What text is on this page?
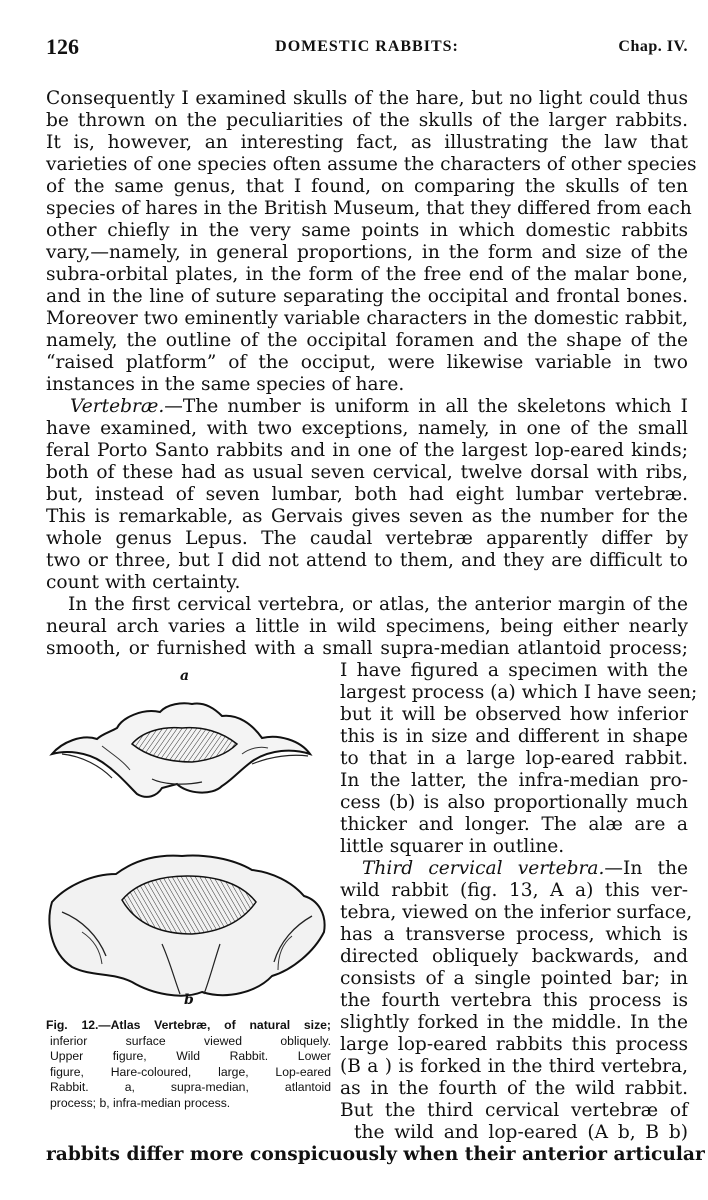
126	DOMESTIC RABBITS:	Chap. IV.
Consequently I examined skulls of the hare, but no light could thus
be thrown on the peculiarities of the skulls of the larger rabbits.
It is, however, an interesting fact, as illustrating the law that
varieties of one species often assume the characters of other species
of the same genus, that I found, on comparing the skulls of ten
species of hares in the British Museum, that they differed from each
other chiefly in the very same points in which domestic rabbits
vary,—namely, in general proportions, in the form and size of the
subra-orbital plates, in the form of the free end of the malar bone,
and in the line of suture separating the occipital and frontal bones.
Moreover two eminently variable characters in the domestic rabbit,
namely, the outline of the occipital foramen and the shape of the
“raised platform” of the occiput, were likewise variable in two
instances in the same species of hare.
Vertebræ.—The number is uniform in all the skeletons which I
have examined, with two exceptions, namely, in one of the small
feral Porto Santo rabbits and in one of the largest lop-eared kinds;
both of these had as usual seven cervical, twelve dorsal with ribs,
but, instead of seven lumbar, both had eight lumbar vertebræ.
This is remarkable, as Gervais gives seven as the number for the
whole genus Lepus. The caudal vertebræ apparently differ by
two or three, but I did not attend to them, and they are difficult to
count with certainty.
In the first cervical vertebra, or atlas, the anterior margin of the
neural arch varies a little in wild specimens, being either nearly
smooth, or furnished with a small supra-median atlantoid process;
I have figured a specimen with the
largest process (a) which I have seen;
but it will be observed how inferior
this is in size and different in shape
to that in a large lop-eared rabbit.
In the latter, the infra-median pro-
cess (b) is also proportionally much
thicker and longer. The alæ are a
little squarer in outline.
Third cervical vertebra.—In the
wild rabbit (fig. 13, A a) this ver-
tebra, viewed on the inferior surface,
has a transverse process, which is
directed obliquely backwards, and
consists of a single pointed bar; in
the fourth vertebra this process is
slightly forked in the middle. In the
large lop-eared rabbits this process
(B a ) is forked in the third vertebra,
as in the fourth of the wild rabbit.
But the third cervical vertebræ of
the wild and lop-eared (A b, B b)
rabbits differ more conspicuously when their anterior articular
a
b
Fig. 12.—Atlas Vertebræ, of natural size;
inferior surface viewed obliquely.
Upper figure, Wild Rabbit. Lower
figure, Hare-coloured, large, Lop-eared
Rabbit. a, supra-median, atlantoid
process; b, infra-median process.
